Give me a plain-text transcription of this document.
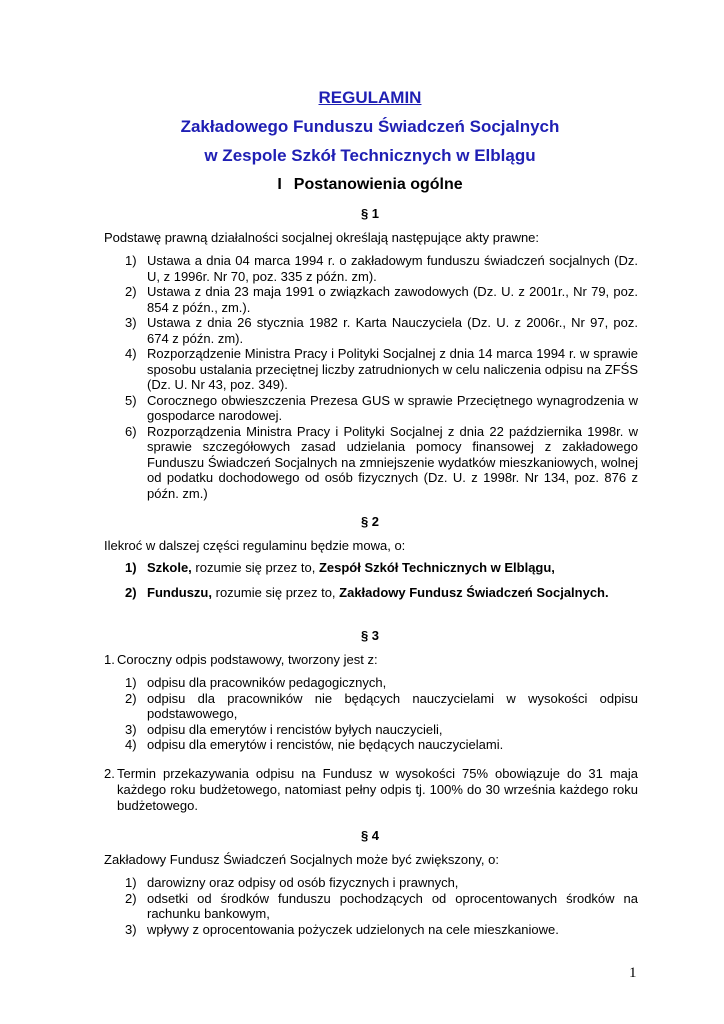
REGULAMIN
Zakładowego Funduszu Świadczeń Socjalnych
w Zespole Szkół Technicznych w Elblągu
I Postanowienia ogólne
§ 1
Podstawę prawną działalności socjalnej określają następujące akty prawne:
1) Ustawa a dnia 04 marca 1994 r. o zakładowym funduszu świadczeń socjalnych (Dz. U, z 1996r. Nr 70, poz. 335 z późn. zm).
2) Ustawa z dnia 23 maja 1991 o związkach zawodowych (Dz. U. z 2001r., Nr 79, poz. 854 z późn., zm.).
3) Ustawa z dnia 26 stycznia 1982 r. Karta Nauczyciela (Dz. U. z 2006r., Nr 97, poz. 674 z późn. zm).
4) Rozporządzenie Ministra Pracy i Polityki Socjalnej z dnia 14 marca 1994 r. w sprawie sposobu ustalania przeciętnej liczby zatrudnionych w celu naliczenia odpisu na ZFŚS (Dz. U. Nr 43, poz. 349).
5) Corocznego obwieszczenia Prezesa GUS w sprawie Przeciętnego wynagrodzenia w gospodarce narodowej.
6) Rozporządzenia Ministra Pracy i Polityki Socjalnej z dnia 22 października 1998r. w sprawie szczegółowych zasad udzielania pomocy finansowej z zakładowego Funduszu Świadczeń Socjalnych na zmniejszenie wydatków mieszkaniowych, wolnej od podatku dochodowego od osób fizycznych (Dz. U. z 1998r. Nr 134, poz. 876 z późn. zm.)
§ 2
Ilekroć w dalszej części regulaminu będzie mowa, o:
1) Szkole, rozumie się przez to, Zespół Szkół Technicznych w Elblągu,
2) Funduszu, rozumie się przez to, Zakładowy Fundusz Świadczeń Socjalnych.
§ 3
1. Coroczny odpis podstawowy, tworzony jest z:
1) odpisu dla pracowników pedagogicznych,
2) odpisu dla pracowników nie będących nauczycielami w wysokości odpisu podstawowego,
3) odpisu dla emerytów i rencistów byłych nauczycieli,
4) odpisu dla emerytów i rencistów, nie będących nauczycielami.
2. Termin przekazywania odpisu na Fundusz w wysokości 75% obowiązuje do 31 maja każdego roku budżetowego, natomiast pełny odpis tj. 100% do 30 września każdego roku budżetowego.
§ 4
Zakładowy Fundusz Świadczeń Socjalnych może być zwiększony, o:
1) darowizny oraz odpisy od osób fizycznych i prawnych,
2) odsetki od środków funduszu pochodzących od oprocentowanych środków na rachunku bankowym,
3) wpływy z oprocentowania pożyczek udzielonych na cele mieszkaniowe.
1
